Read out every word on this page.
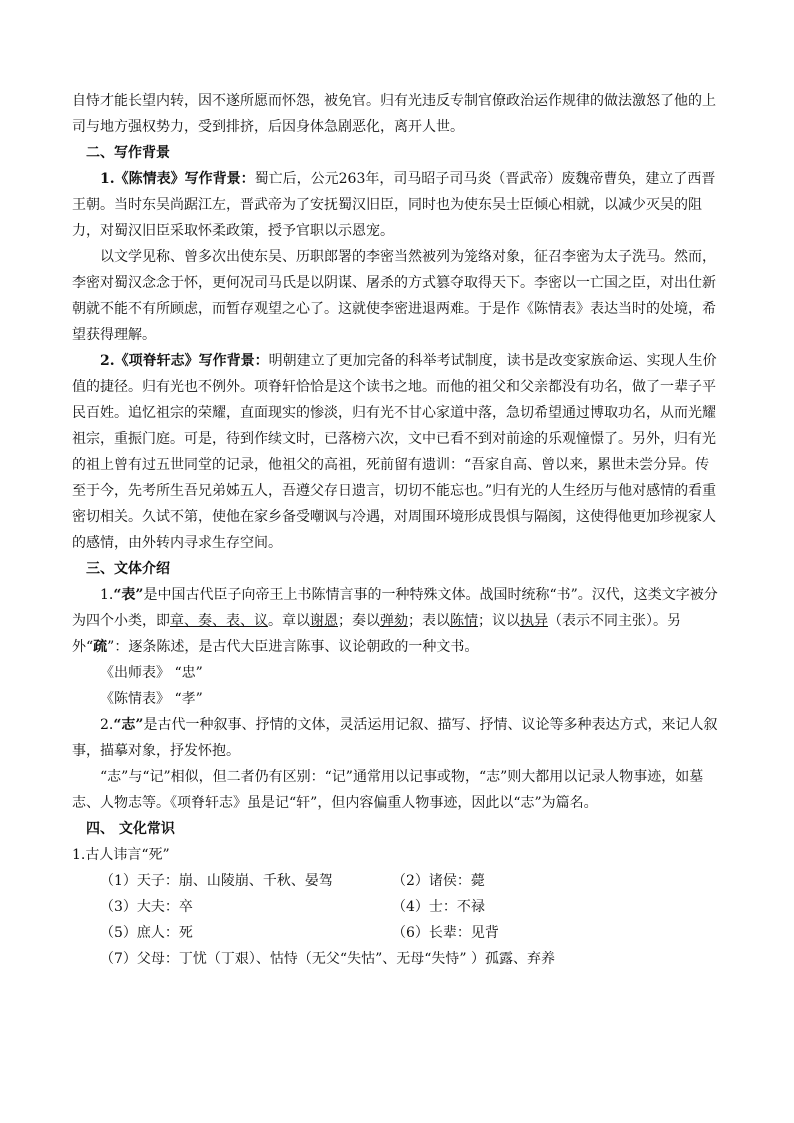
自恃才能长望内转，因不遂所愿而怀怨，被免官。归有光违反专制官僚政治运作规律的做法激怒了他的上司与地方强权势力，受到排挤，后因身体急剧恶化，离开人世。

二、写作背景

1.《陈情表》写作背景：蜀亡后，公元263年，司马昭子司马炎（晋武帝）废魏帝曹奂，建立了西晋王朝。当时东吴尚踞江左，晋武帝为了安抚蜀汉旧臣，同时也为使东吴士臣倾心相就，以减少灭吴的阻力，对蜀汉旧臣采取怀柔政策，授予官职以示恩宠。

以文学见称、曾多次出使东吴、历职郎署的李密当然被列为笼络对象，征召李密为太子洗马。然而，李密对蜀汉念念于怀，更何况司马氏是以阴谋、屠杀的方式篡夺取得天下。李密以一亡国之臣，对出仕新朝就不能不有所顾虑，而暂存观望之心了。这就使李密进退两难。于是作《陈情表》表达当时的处境，希望获得理解。

2.《项脊轩志》写作背景：明朝建立了更加完备的科举考试制度，读书是改变家族命运、实现人生价值的捷径。归有光也不例外。项脊轩恰恰是这个读书之地。而他的祖父和父亲都没有功名，做了一辈子平民百姓。追忆祖宗的荣耀，直面现实的惨淡，归有光不甘心家道中落，急切希望通过博取功名，从而光耀祖宗，重振门庭。可是，待到作续文时，已落榜六次，文中已看不到对前途的乐观憧憬了。另外，归有光的祖上曾有过五世同堂的记录，他祖父的高祖，死前留有遗训：“吾家自高、曾以来，累世未尝分异。传至于今，先考所生吾兄弟姊五人，吾遵父存日遗言，切切不能忘也。”归有光的人生经历与他对感情的看重密切相关。久试不第，使他在家乡备受嘲讽与冷遇，对周围环境形成畏惧与隔阂，这使得他更加珍视家人的感情，由外转内寻求生存空间。

三、文体介绍

1.“表”是中国古代臣子向帝王上书陈情言事的一种特殊文体。战国时统称“书”。汉代，这类文字被分为四个小类，即章、奏、表、议。章以谢恩；奏以弹劾；表以陈情；议以执异（表示不同主张）。另外“疏”：逐条陈述，是古代大臣进言陈事、议论朝政的一种文书。

《出师表》 “忠”

《陈情表》 “孝”

2.“志”是古代一种叙事、抒情的文体，灵活运用记叙、描写、抒情、议论等多种表达方式，来记人叙事，描摹对象，抒发怀抱。

“志”与“记”相似，但二者仍有区别：“记”通常用以记事或物，“志”则大都用以记录人物事迹，如墓志、人物志等。《项脊轩志》虽是记“轩”，但内容偏重人物事迹，因此以“志”为篇名。

四、 文化常识

1.古人讳言“死”

（1）天子：崩、山陵崩、千秋、晏驾	（2）诸侯：薨
（3）大夫：卒	（4）士：不禄
（5）庶人：死	（6）长辈：见背

（7）父母：丁忧（丁艰）、怙恃（无父“失怙”、无母“失恃” ）孤露、弃养
